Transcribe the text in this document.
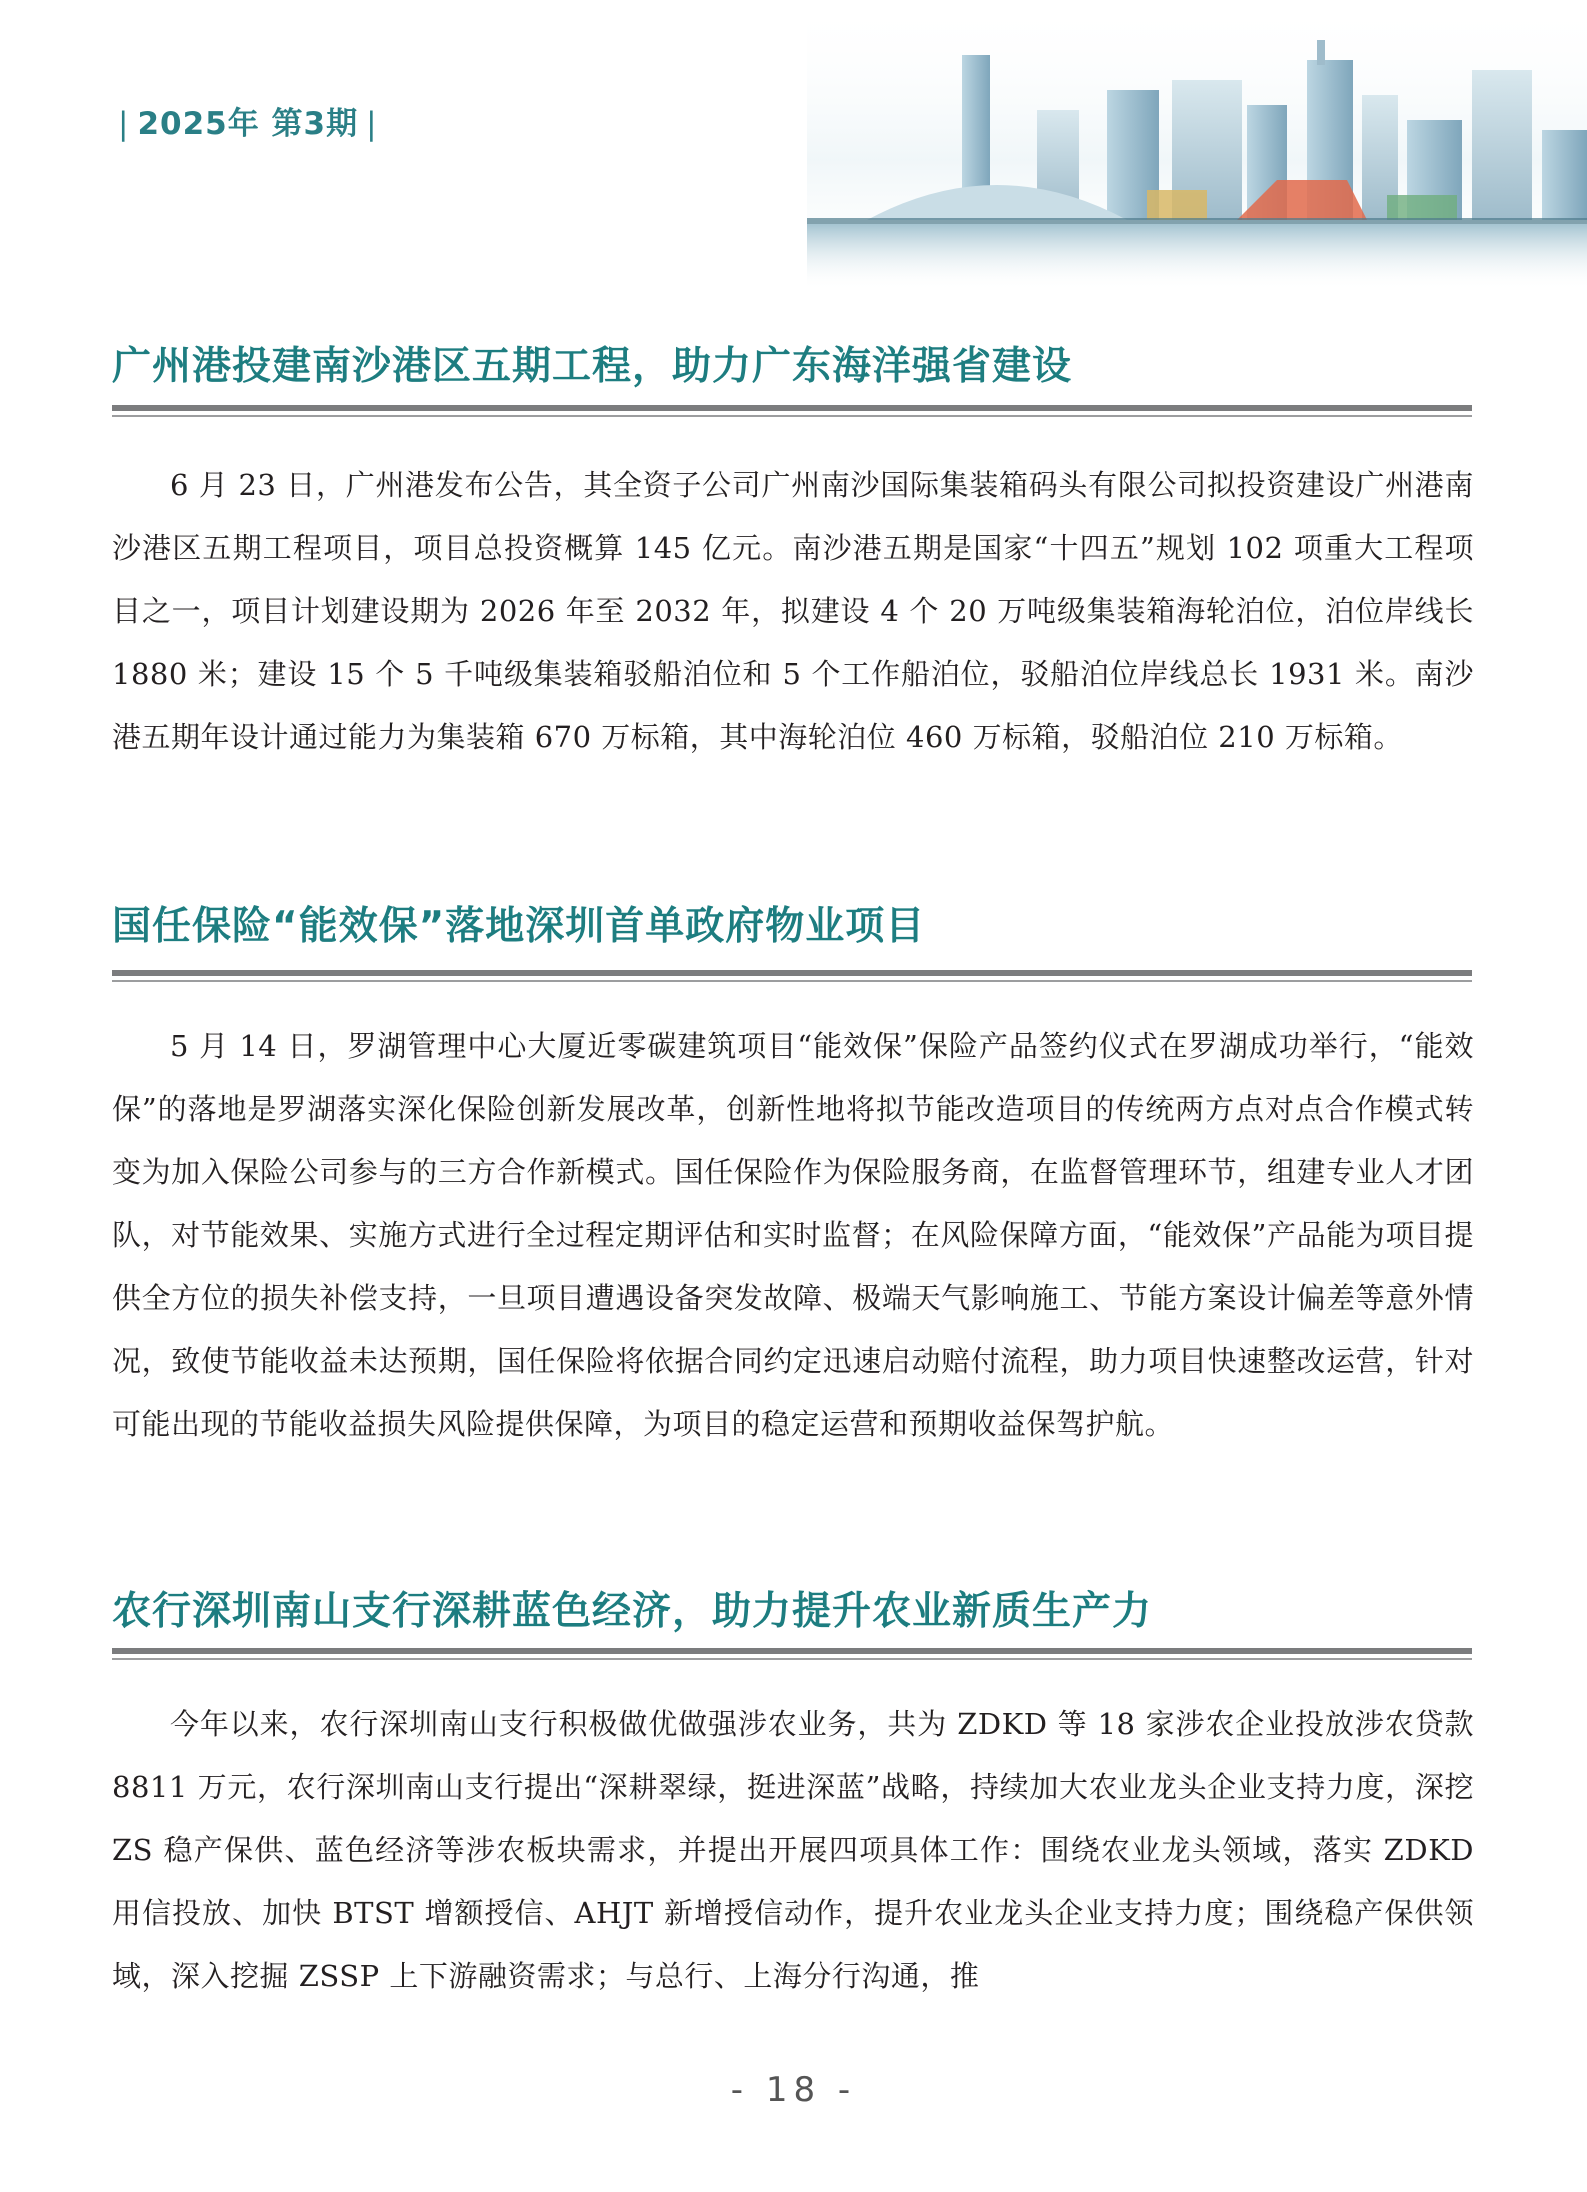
| 2025年 第3期 |
广州港投建南沙港区五期工程，助力广东海洋强省建设

6 月 23 日，广州港发布公告，其全资子公司广州南沙国际集装箱码头有限公司拟投资建设广州港南沙港区五期工程项目，项目总投资概算 145 亿元。南沙港五期是国家“十四五”规划 102 项重大工程项目之一，项目计划建设期为 2026 年至 2032 年，拟建设 4 个 20 万吨级集装箱海轮泊位，泊位岸线长 1880 米；建设 15 个 5 千吨级集装箱驳船泊位和 5 个工作船泊位，驳船泊位岸线总长 1931 米。南沙港五期年设计通过能力为集装箱 670 万标箱，其中海轮泊位 460 万标箱，驳船泊位 210 万标箱。

国任保险“能效保”落地深圳首单政府物业项目

5 月 14 日，罗湖管理中心大厦近零碳建筑项目“能效保”保险产品签约仪式在罗湖成功举行，“能效保”的落地是罗湖落实深化保险创新发展改革，创新性地将拟节能改造项目的传统两方点对点合作模式转变为加入保险公司参与的三方合作新模式。国任保险作为保险服务商，在监督管理环节，组建专业人才团队，对节能效果、实施方式进行全过程定期评估和实时监督；在风险保障方面，“能效保”产品能为项目提供全方位的损失补偿支持，一旦项目遭遇设备突发故障、极端天气影响施工、节能方案设计偏差等意外情况，致使节能收益未达预期，国任保险将依据合同约定迅速启动赔付流程，助力项目快速整改运营，针对可能出现的节能收益损失风险提供保障，为项目的稳定运营和预期收益保驾护航。

农行深圳南山支行深耕蓝色经济，助力提升农业新质生产力

今年以来，农行深圳南山支行积极做优做强涉农业务，共为 ZDKD 等 18 家涉农企业投放涉农贷款 8811 万元，农行深圳南山支行提出“深耕翠绿，挺进深蓝”战略，持续加大农业龙头企业支持力度，深挖 ZS 稳产保供、蓝色经济等涉农板块需求，并提出开展四项具体工作：围绕农业龙头领域，落实 ZDKD 用信投放、加快 BTST 增额授信、AHJT 新增授信动作，提升农业龙头企业支持力度；围绕稳产保供领域，深入挖掘 ZSSP 上下游融资需求；与总行、上海分行沟通，推

- 18 -
